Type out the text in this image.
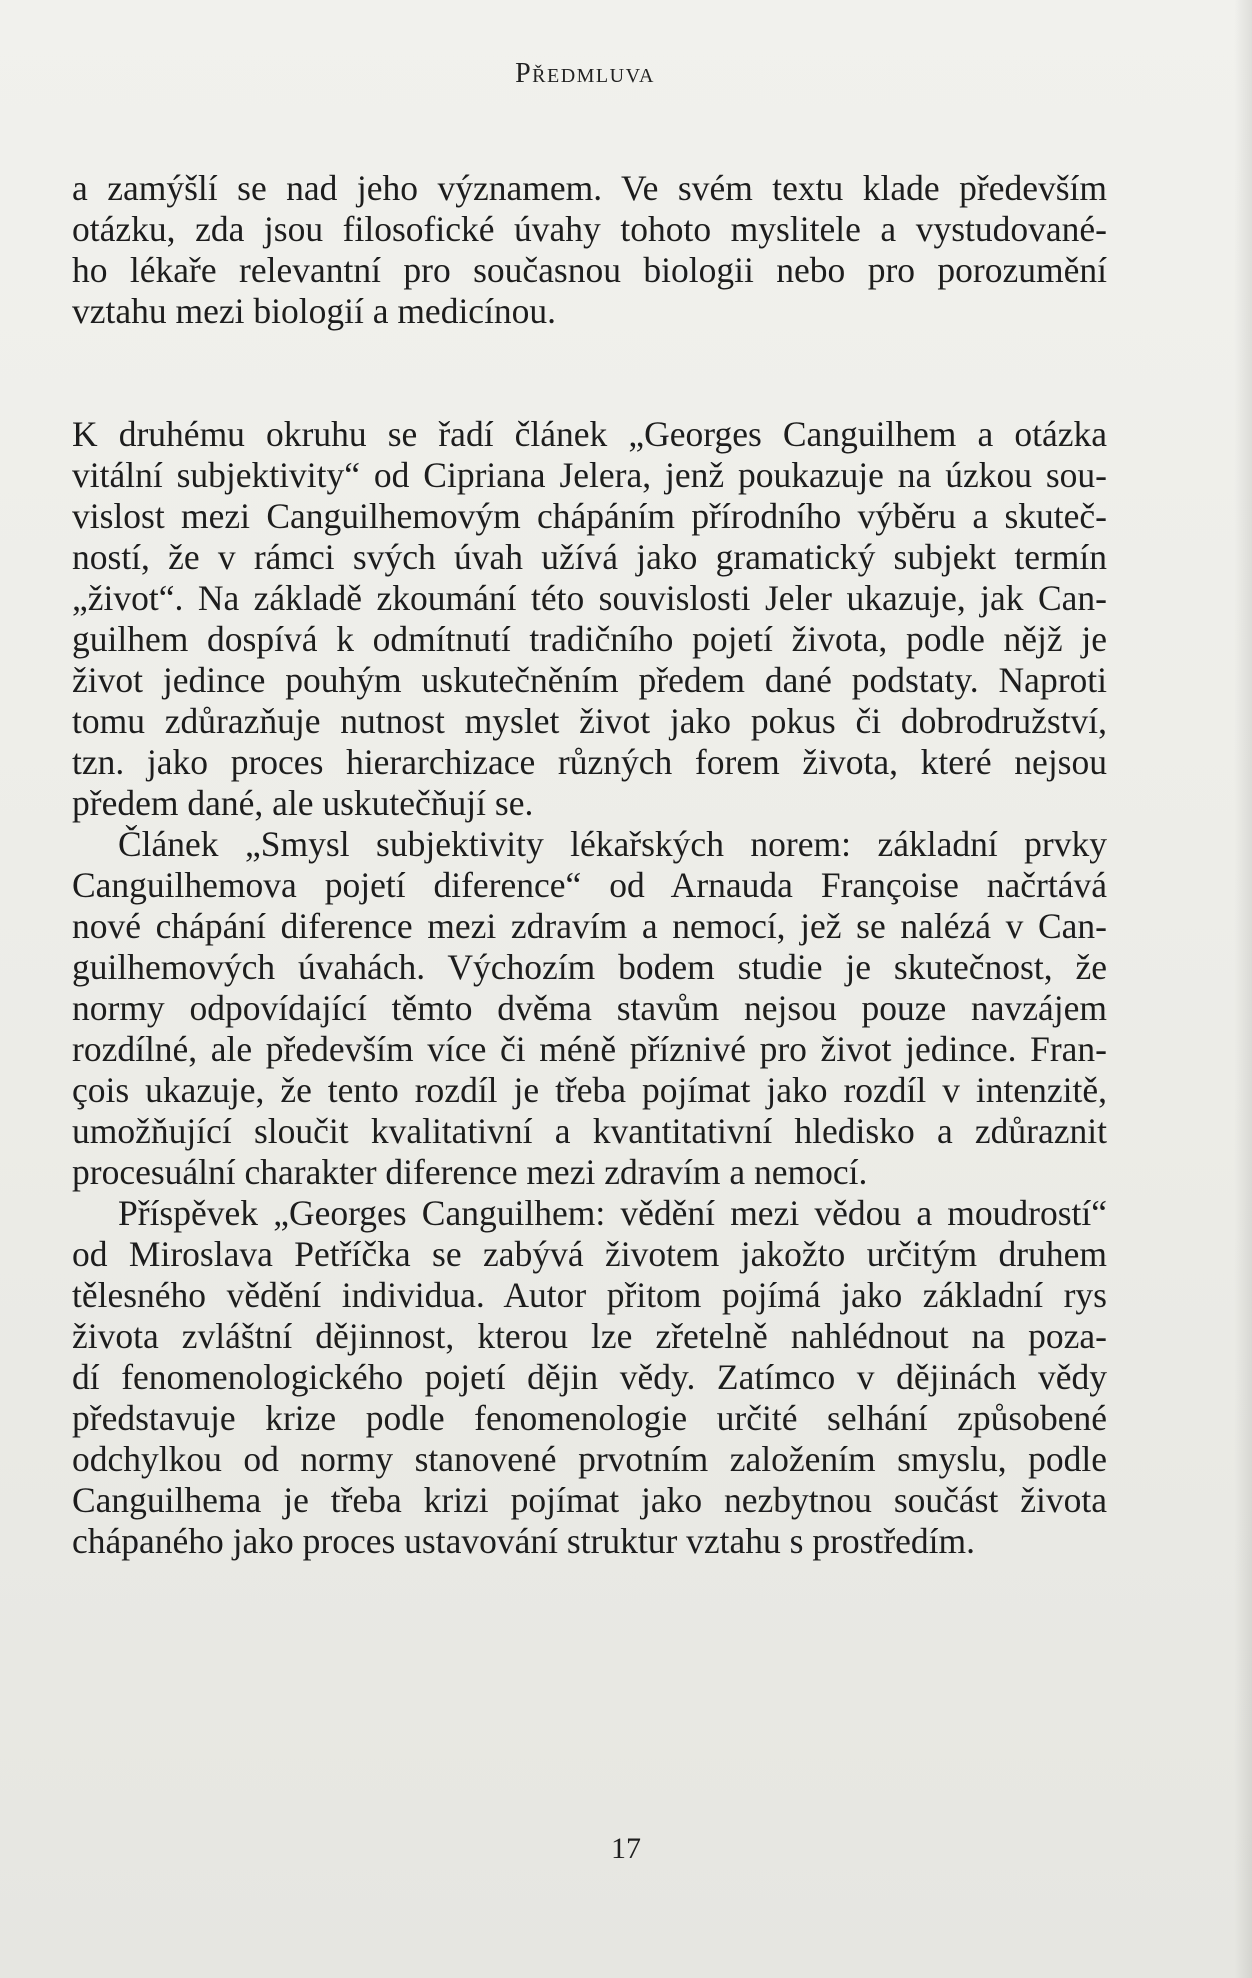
Předmluva
a zamýšlí se nad jeho významem. Ve svém textu klade především
otázku, zda jsou filosofické úvahy tohoto myslitele a vystudované-
ho lékaře relevantní pro současnou biologii nebo pro porozumění
vztahu mezi biologií a medicínou.
K druhému okruhu se řadí článek „Georges Canguilhem a otázka
vitální subjektivity“ od Cipriana Jelera, jenž poukazuje na úzkou sou-
vislost mezi Canguilhemovým chápáním přírodního výběru a skuteč-
ností, že v rámci svých úvah užívá jako gramatický subjekt termín
„život“. Na základě zkoumání této souvislosti Jeler ukazuje, jak Can-
guilhem dospívá k odmítnutí tradičního pojetí života, podle nějž je
život jedince pouhým uskutečněním předem dané podstaty. Naproti
tomu zdůrazňuje nutnost myslet život jako pokus či dobrodružství,
tzn. jako proces hierarchizace různých forem života, které nejsou
předem dané, ale uskutečňují se.
Článek „Smysl subjektivity lékařských norem: základní prvky
Canguilhemova pojetí diference“ od Arnauda Françoise načrtává
nové chápání diference mezi zdravím a nemocí, jež se nalézá v Can-
guilhemových úvahách. Výchozím bodem studie je skutečnost, že
normy odpovídající těmto dvěma stavům nejsou pouze navzájem
rozdílné, ale především více či méně příznivé pro život jedince. Fran-
çois ukazuje, že tento rozdíl je třeba pojímat jako rozdíl v intenzitě,
umožňující sloučit kvalitativní a kvantitativní hledisko a zdůraznit
procesuální charakter diference mezi zdravím a nemocí.
Příspěvek „Georges Canguilhem: vědění mezi vědou a moudrostí“
od Miroslava Petříčka se zabývá životem jakožto určitým druhem
tělesného vědění individua. Autor přitom pojímá jako základní rys
života zvláštní dějinnost, kterou lze zřetelně nahlédnout na poza-
dí fenomenologického pojetí dějin vědy. Zatímco v dějinách vědy
představuje krize podle fenomenologie určité selhání způsobené
odchylkou od normy stanovené prvotním založením smyslu, podle
Canguilhema je třeba krizi pojímat jako nezbytnou součást života
chápaného jako proces ustavování struktur vztahu s prostředím.
17
